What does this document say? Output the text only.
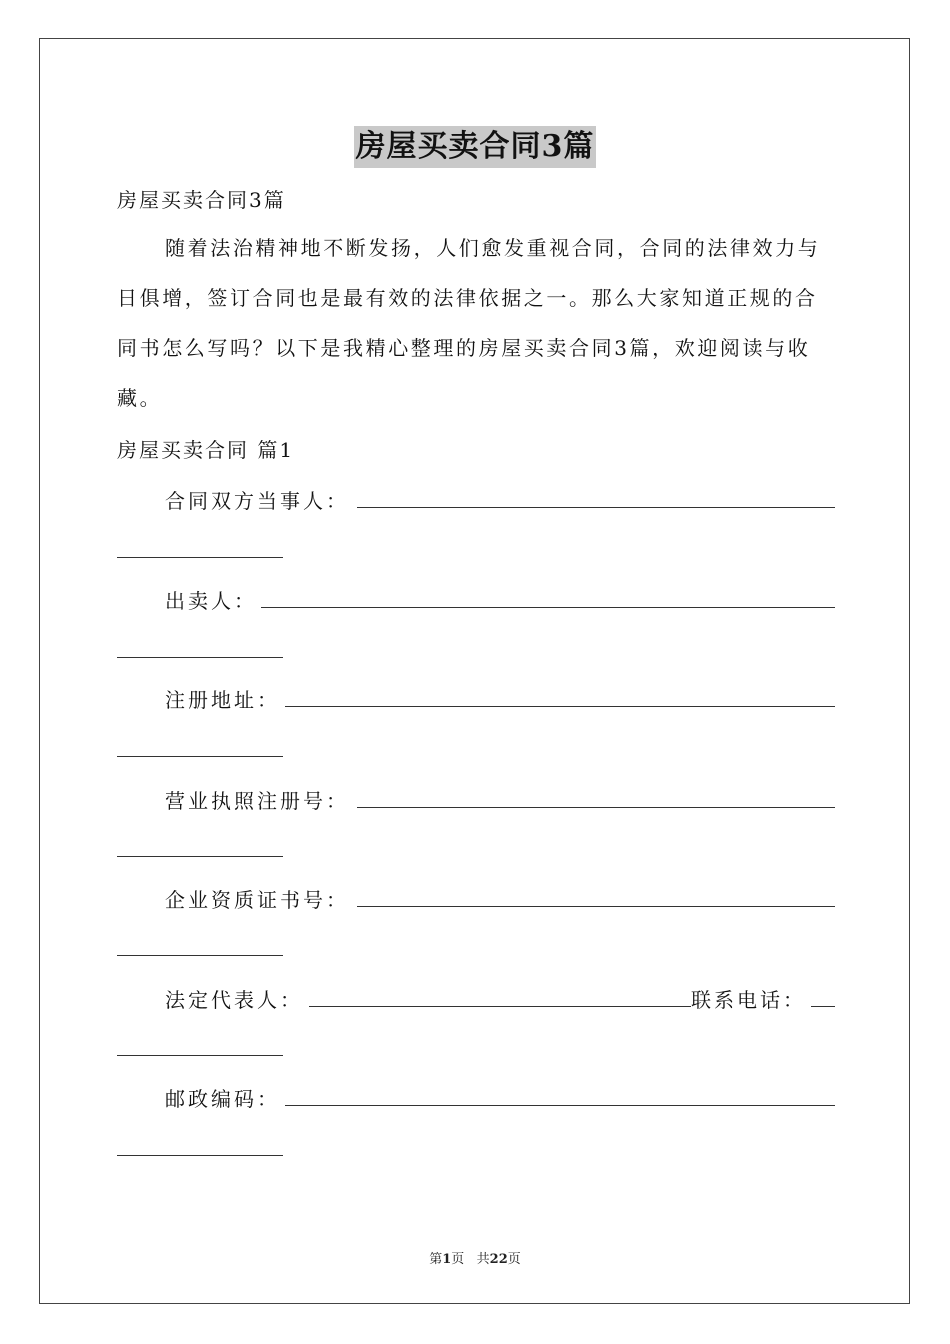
房屋买卖合同3篇
房屋买卖合同3篇

随着法治精神地不断发扬，人们愈发重视合同，合同的法律效力与日俱增，签订合同也是最有效的法律依据之一。那么大家知道正规的合同书怎么写吗？以下是我精心整理的房屋买卖合同3篇，欢迎阅读与收藏。

房屋买卖合同 篇1
合同双方当事人：
出卖人：
注册地址：
营业执照注册号：
企业资质证书号：
法定代表人：	联系电话：
邮政编码：
第1页   共22页
